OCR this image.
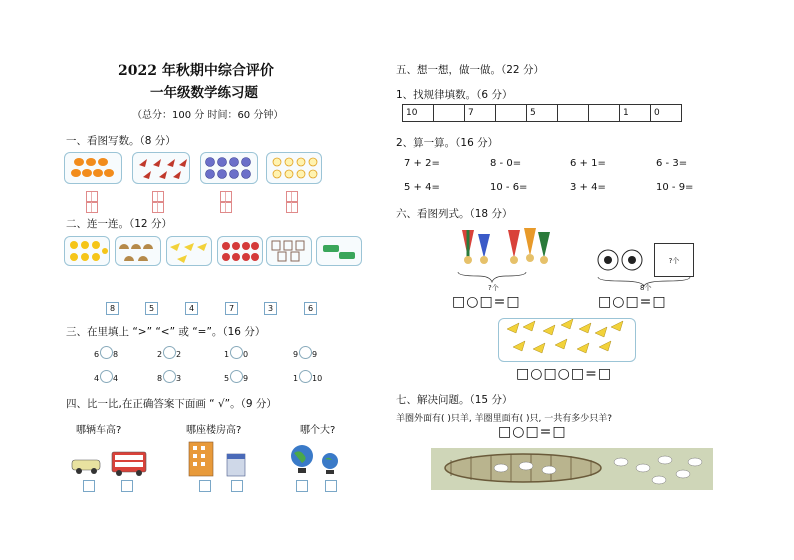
2022 年秋期中综合评价
一年级数学练习题
（总分：100 分 时间：60 分钟）
一、看图写数。（8 分）
二、连一连。（12 分）
8	5	4	7	3	6
三、在里填上 “>” “<” 或 “=”。（16 分）
6 8	2 2	1 0	9 9
4 4	8 3	5 9	1 10
四、比一比,在正确答案下面画 “ √”。（9 分）
哪辆车高?	哪座楼房高?	哪个大?
五、想一想，做一做。（22 分）
1、找规律填数。（6 分）
10		7		5			1	0
2、算一算。（16 分）
7 + 2=	8 - 0=	6 + 1=	6 - 3=
5 + 4=	10 - 6=	3 + 4=	10 - 9=
六、看图列式。（18 分）
?个
?个
8个
□○□=□	□○□=□
□○□○□=□
七、解决问题。（15 分）
羊圈外面有( )只羊, 羊圈里面有( )只, 一共有多少只羊?
□○□=□
